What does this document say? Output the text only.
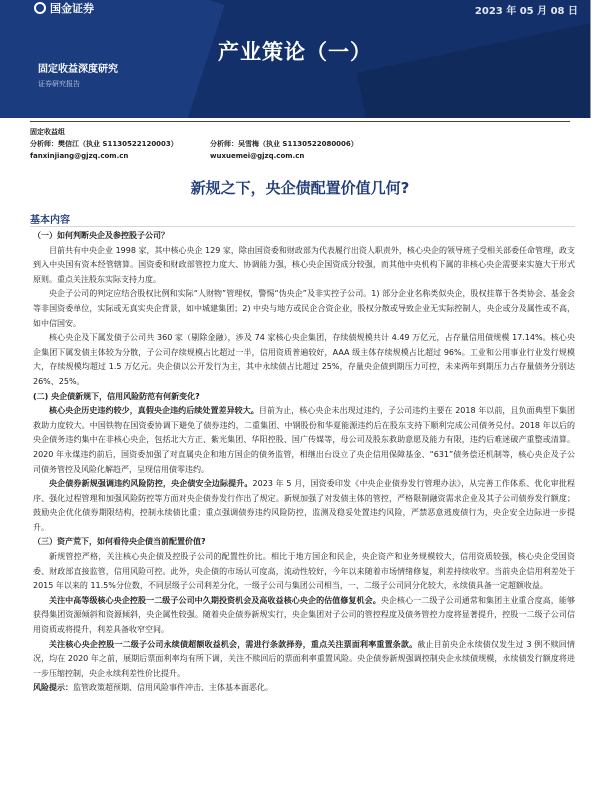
国金证券	2023 年 05 月 08 日
产业策论（一）
固定收益深度研究
证券研究报告
固定收益组
分析师：樊信江（执业 S1130522120003）
fanxinjiang@gjzq.com.cn
分析师：吴雪梅（执业 S1130522080006）
wuxuemei@gjzq.com.cn
新规之下，央企债配置价值几何?
基本内容

（一）如何判断央企及参控股子公司？

目前共有中央企业 1998 家，其中核心央企 129 家，除由国资委和财政部为代表履行出资人职责外，核心央企的领导班子受相关部委任命管理，政支到入中央国有资本经管辖算。国资委和财政部管控力度大、协调能力强，核心央企国资成分较强，而其他中央机构下属的非核心央企需要来实施大于形式原则。重点关注股东实际支持力度。

央企子公司的判定应结合股权比例和实际“人财物”管理权，警惕“伪央企”及非实控子公司。1) 部分企业名称类似央企，股权挂靠于各类协会、基金会等非国资委单位，实际或无真实央企背景，如中城建集团；2) 中央与地方或民企合资企业，股权分散或导致企业无实际控制人，央企或分及属性或不高，如中信国安。

核心央企及下属发债子公司共 360 家（剔除金融），涉及 74 家核心央企集团，存续债规模共计 4.49 万亿元，占存量信用债规模 17.14%。核心央企集团下属发债主体较为分散，子公司存续规模占比超过一半，信用资质普遍较好，AAA 级主体存续规模占比超过 96%。工业和公用事业行业发行规模大，存续规模均超过 1.5 万亿元。央企债以公开发行为主，其中永续债占比超过 25%，存量央企债到期压力可控，未来两年到期压力占存量债务分别达 26%、25%。

(二) 央企债新规下，信用风险防范有何新变化?

核心央企历史违约较少，真假央企违约后续处置差异较大。目前为止，核心央企未出现过违约，子公司违约主要在 2018 年以前，且负面典型下集团救助力度较大。中国铁物在国资委协调下避免了债券违约，二重集团、中钢股份和华夏能源违约后在股东支持下顺利完成公司债务兑付。2018 年以后的央企债务违约集中在非核心央企，包括北大方正、紫光集团、华阳控股、国广传媒等，母公司及股东救助意愿及能力有限，违约后难迷破产重整或清算。2020 年永煤违约前后，国资委加强了对直属央企和地方国企的债务监管，相继出台设立了央企信用保障基金、“631”债务偿还机制等，核心央企及子公司债务管控及风险化解趋严，呈现信用债零违约。

央企债券新规强调违约风险防控，央企债安全边际提升。2023 年 5 月，国资委印发《中央企业债券发行管理办法》，从完善工作体系、优化审批程序、强化过程管理和加强风险防控等方面对央企债券发行作出了规定。新规加强了对发债主体的管控，严格限制融资需求企业及其子公司债券发行额度；鼓励央企优化债券期限结构，控制永续债比重；重点强调债券违约风险防控，监测及稳妥处置违约风险，严禁恶意逃废债行为，央企安全边际进一步提升。

（三）资产荒下，如何看待央企债当前配置价值?

新规管控严格，关注核心央企债及控股子公司的配置性价比。相比于地方国企和民企，央企资产和业务规模较大，信用资质较强，核心央企受国资委、财政部直接监管，信用风险可控。此外，央企债的市场认可度高，流动性较好，今年以来随着市场情绪修复，利差持续收窄。当前央企信用利差处于 2015 年以来的 11.5%分位数，不同层级子公司利差分化，一级子公司与集团公司相当，一、二级子公司同分化较大，永续债具备一定超额收益。

关注中高等级核心央企控股一二级子公司中久期投资机会及高收益核心央企的估值修复机会。央企核心一二级子公司通常和集团主业重合度高，能够获得集团资源倾斜和资源倾斜，央企属性较强。随着央企债券新规实行，央企集团对子公司的管控程度及债务管控力度将显著提升，控股一二级子公司信用资质或将提升，利差具备收窄空间。

关注核心央企控股一二级子公司永续债超额收益机会，需进行条款择券，重点关注票面利率重置条款。截止目前央企永续债仅发生过 3 例不赎回情况，均在 2020 年之前，展期后票面利率均有所下调，关注不赎回后的票面利率重置风险。央企债券新规强调控制央企永续债规模，永续债发行额度将进一步压缩控制，央企永续利差性价比提升。

风险提示：监管政策超预期、信用风险事件冲击、主体基本面恶化。
